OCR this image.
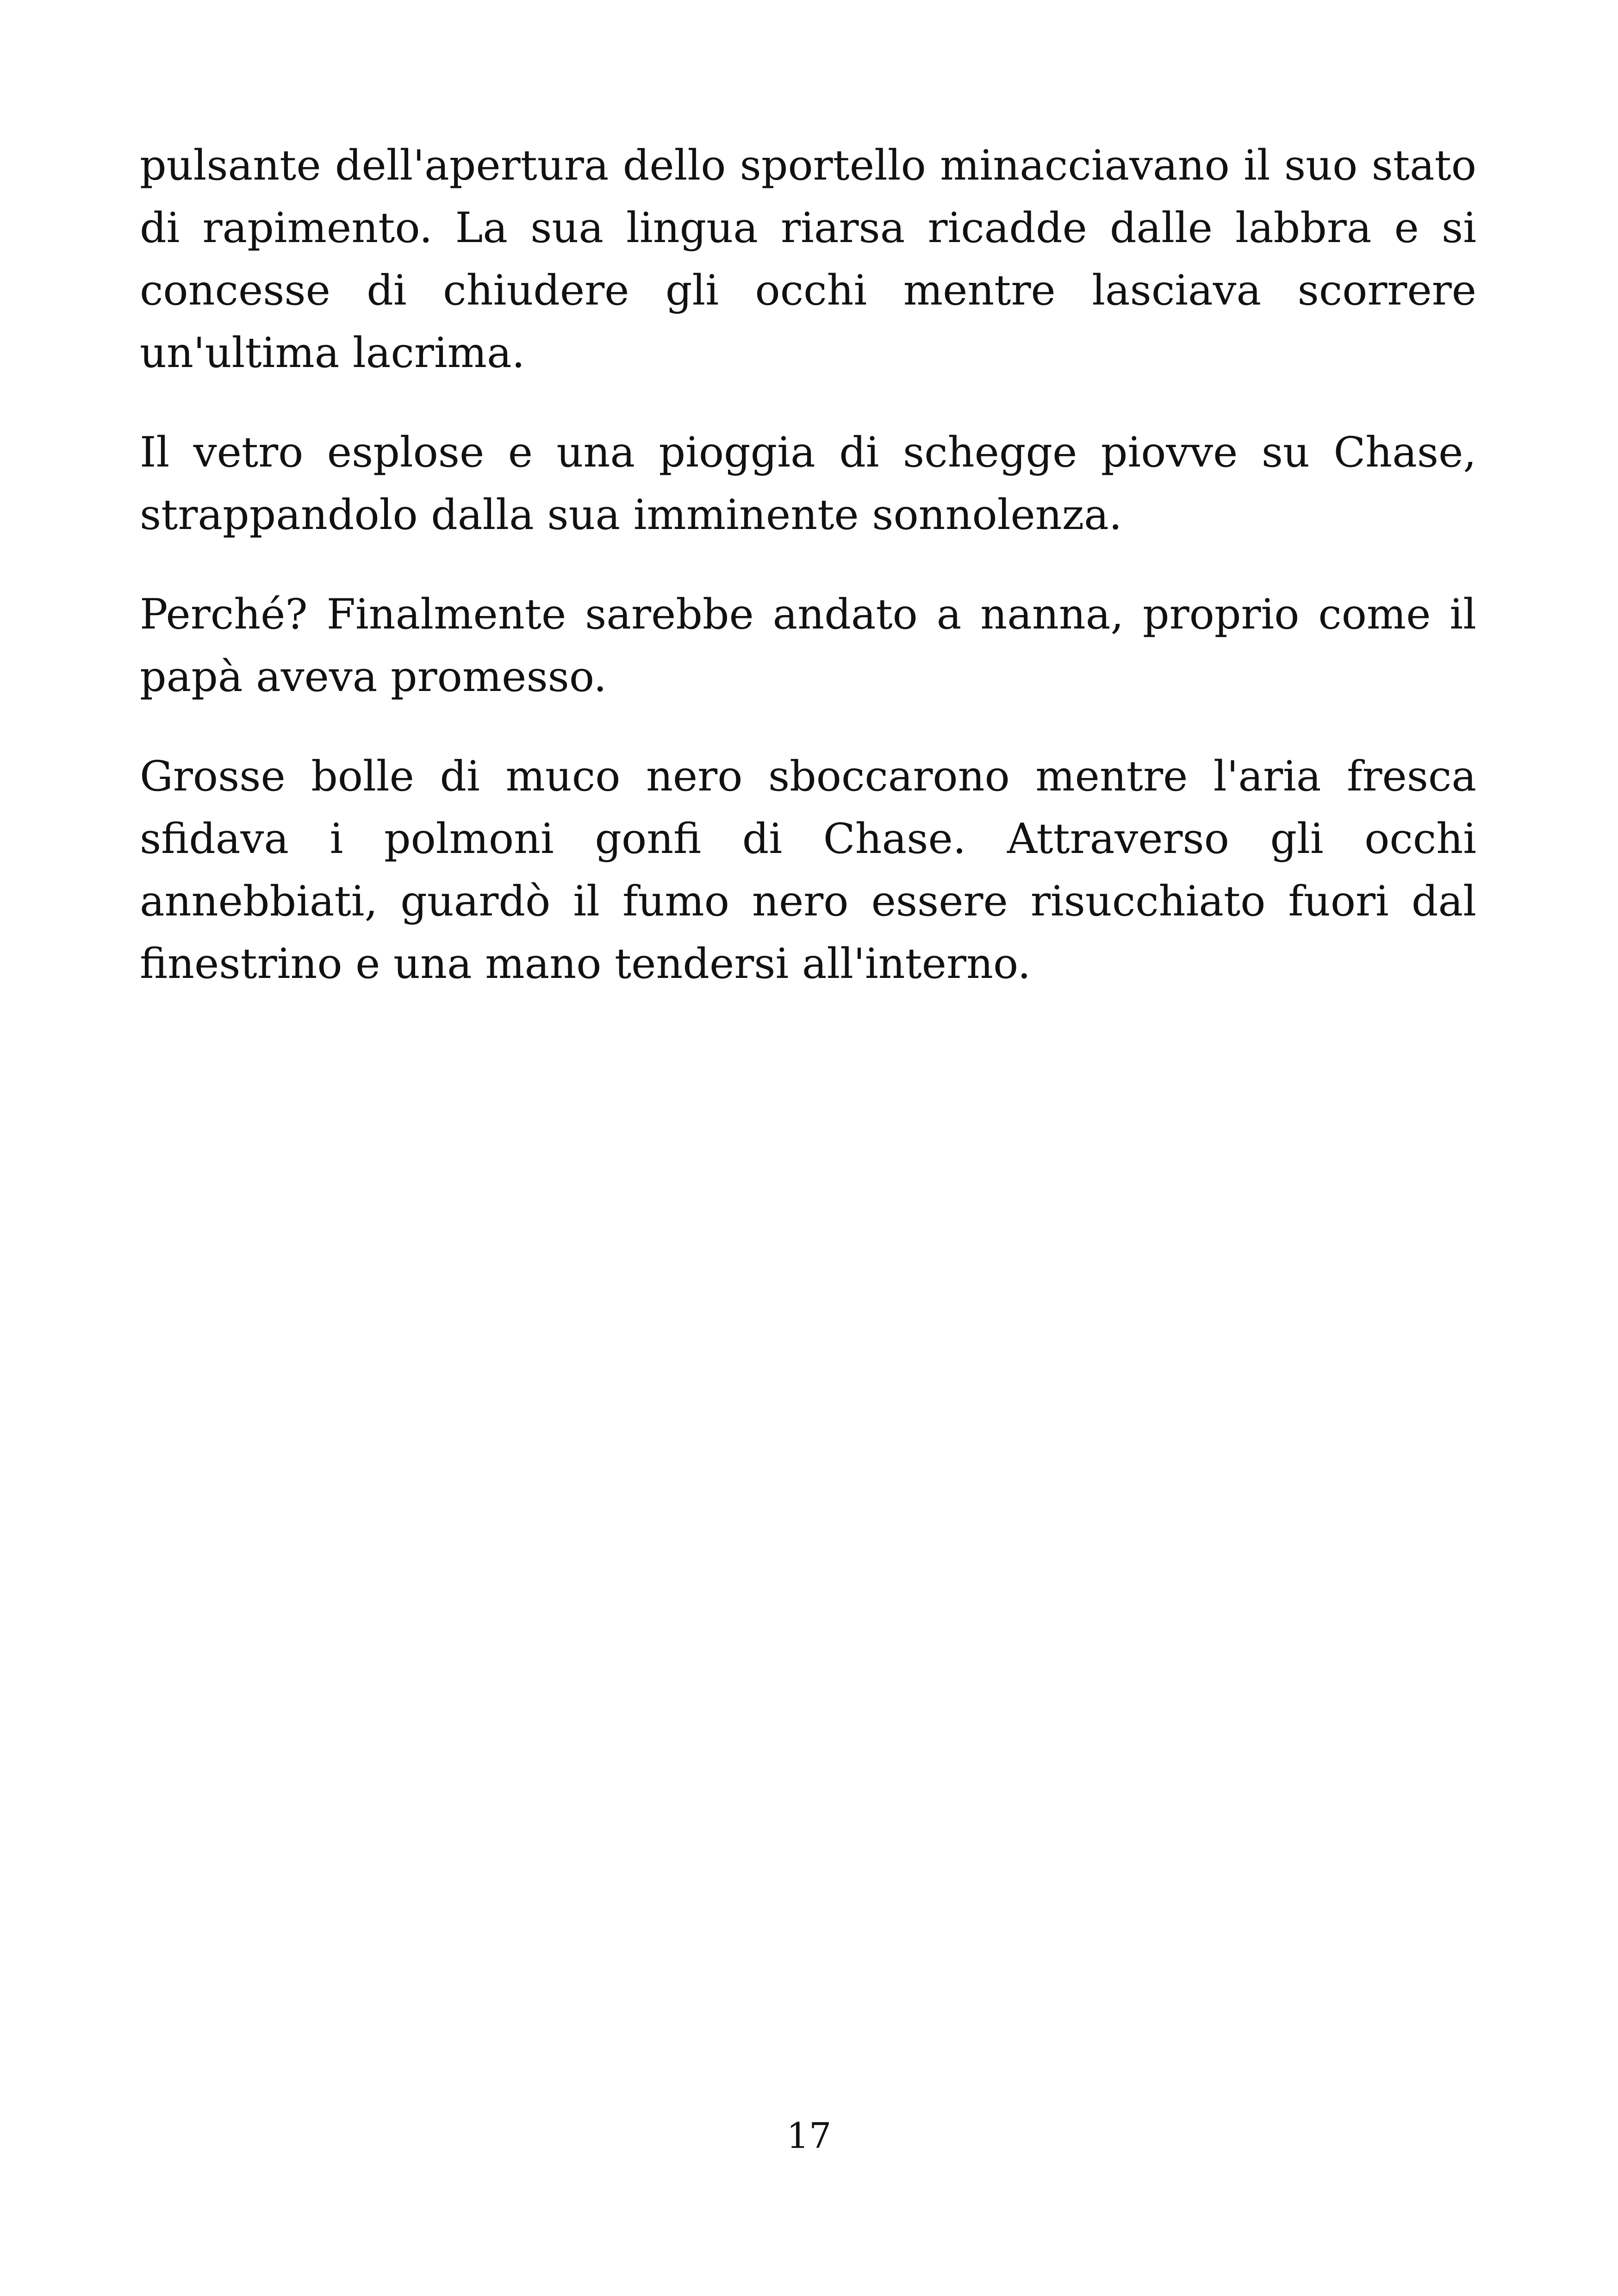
pulsante dell'apertura dello sportello minacciavano il suo stato di rapimento. La sua lingua riarsa ricadde dalle labbra e si concesse di chiudere gli occhi mentre lasciava scorrere un'ultima lacrima.

Il vetro esplose e una pioggia di schegge piovve su Chase, strappandolo dalla sua imminente sonnolenza.

Perché? Finalmente sarebbe andato a nanna, proprio come il papà aveva promesso.

Grosse bolle di muco nero sboccarono mentre l'aria fresca sfidava i polmoni gonfi di Chase. Attraverso gli occhi annebbiati, guardò il fumo nero essere risucchiato fuori dal finestrino e una mano tendersi all'interno.

17
